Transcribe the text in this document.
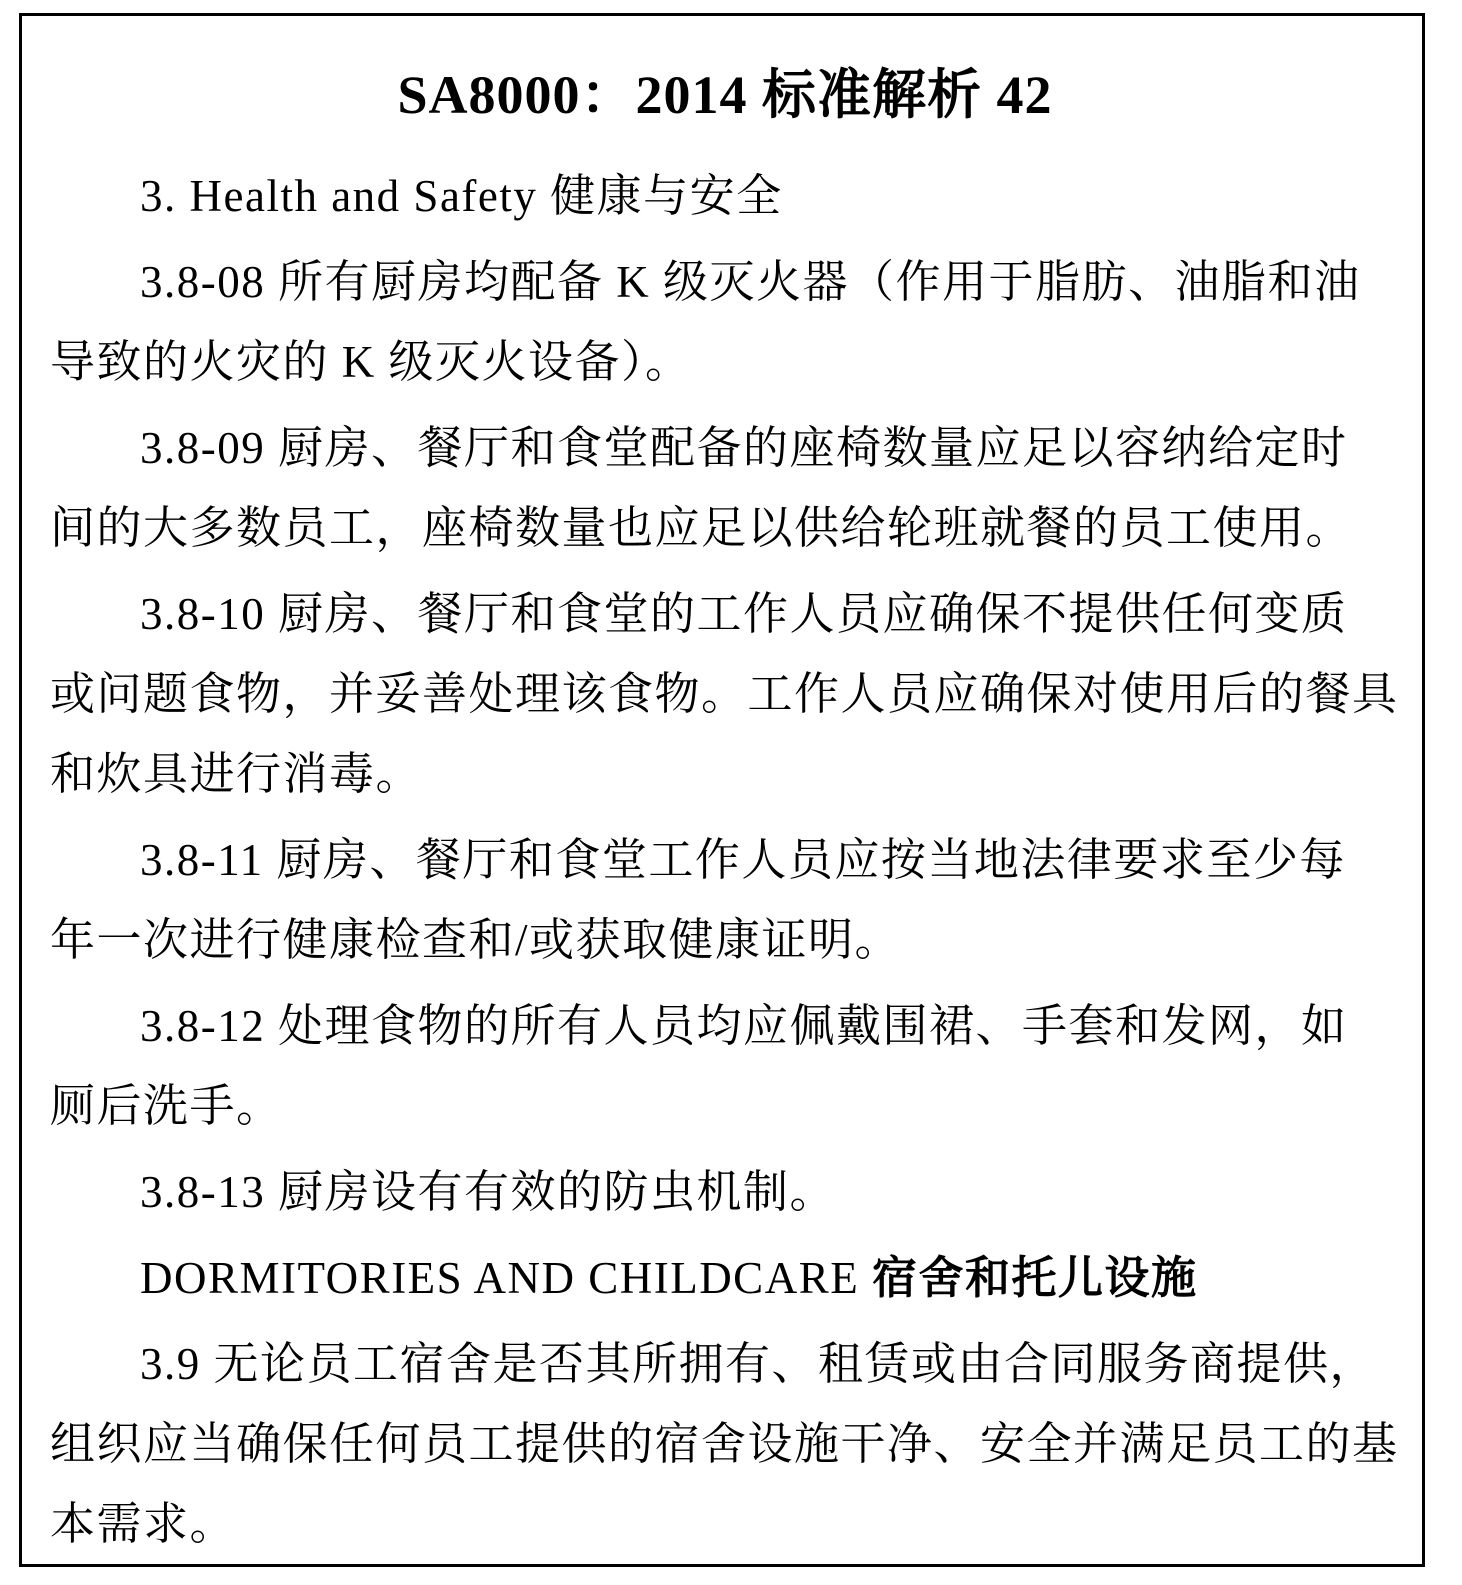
SA8000：2014 标准解析 42
3. Health and Safety 健康与安全
3.8-08 所有厨房均配备 K 级灭火器（作用于脂肪、油脂和油
导致的火灾的 K 级灭火设备）。
3.8-09 厨房、餐厅和食堂配备的座椅数量应足以容纳给定时
间的大多数员工，座椅数量也应足以供给轮班就餐的员工使用。
3.8-10 厨房、餐厅和食堂的工作人员应确保不提供任何变质
或问题食物，并妥善处理该食物。工作人员应确保对使用后的餐具
和炊具进行消毒。
3.8-11 厨房、餐厅和食堂工作人员应按当地法律要求至少每
年一次进行健康检查和/或获取健康证明。
3.8-12 处理食物的所有人员均应佩戴围裙、手套和发网，如
厕后洗手。
3.8-13 厨房设有有效的防虫机制。
DORMITORIES AND CHILDCARE 宿舍和托儿设施
3.9 无论员工宿舍是否其所拥有、租赁或由合同服务商提供，
组织应当确保任何员工提供的宿舍设施干净、安全并满足员工的基
本需求。
